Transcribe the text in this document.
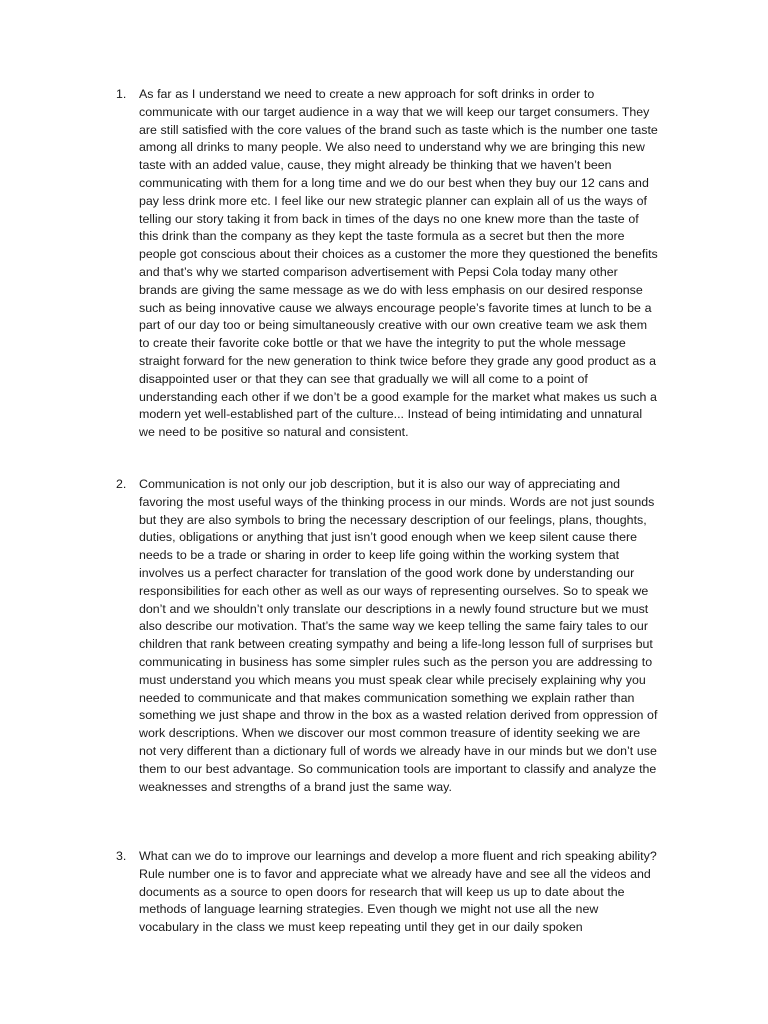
1. As far as I understand we need to create a new approach for soft drinks in order to communicate with our target audience in a way that we will keep our target consumers. They are still satisfied with the core values of the brand such as taste which is the number one taste among all drinks to many people. We also need to understand why we are bringing this new taste with an added value, cause, they might already be thinking that we haven’t been communicating with them for a long time and we do our best when they buy our 12 cans and pay less drink more etc. I feel like our new strategic planner can explain all of us the ways of telling our story taking it from back in times of the days no one knew more than the taste of this drink than the company as they kept the taste formula as a secret but then the more people got conscious about their choices as a customer the more they questioned the benefits and that’s why we started comparison advertisement with Pepsi Cola today many other brands are giving the same message as we do with less emphasis on our desired response such as being innovative cause we always encourage people’s favorite times at lunch to be a part of our day too or being simultaneously creative with our own creative team we ask them to create their favorite coke bottle or that we have the integrity to put the whole message straight forward for the new generation to think twice before they grade any good product as a disappointed user or that they can see that gradually we will all come to a point of understanding each other if we don’t be a good example for the market what makes us such a modern yet well-established part of the culture... Instead of being intimidating and unnatural we need to be positive so natural and consistent.
2. Communication is not only our job description, but it is also our way of appreciating and favoring the most useful ways of the thinking process in our minds. Words are not just sounds but they are also symbols to bring the necessary description of our feelings, plans, thoughts, duties, obligations or anything that just isn’t good enough when we keep silent cause there needs to be a trade or sharing in order to keep life going within the working system that involves us a perfect character for translation of the good work done by understanding our responsibilities for each other as well as our ways of representing ourselves. So to speak we don’t and we shouldn’t only translate our descriptions in a newly found structure but we must also describe our motivation. That’s the same way we keep telling the same fairy tales to our children that rank between creating sympathy and being a life-long lesson full of surprises but communicating in business has some simpler rules such as the person you are addressing to must understand you which means you must speak clear while precisely explaining why you needed to communicate and that makes communication something we explain rather than something we just shape and throw in the box as a wasted relation derived from oppression of work descriptions. When we discover our most common treasure of identity seeking we are not very different than a dictionary full of words we already have in our minds but we don’t use them to our best advantage. So communication tools are important to classify and analyze the weaknesses and strengths of a brand just the same way.
3. What can we do to improve our learnings and develop a more fluent and rich speaking ability? Rule number one is to favor and appreciate what we already have and see all the videos and documents as a source to open doors for research that will keep us up to date about the methods of language learning strategies. Even though we might not use all the new vocabulary in the class we must keep repeating until they get in our daily spoken
